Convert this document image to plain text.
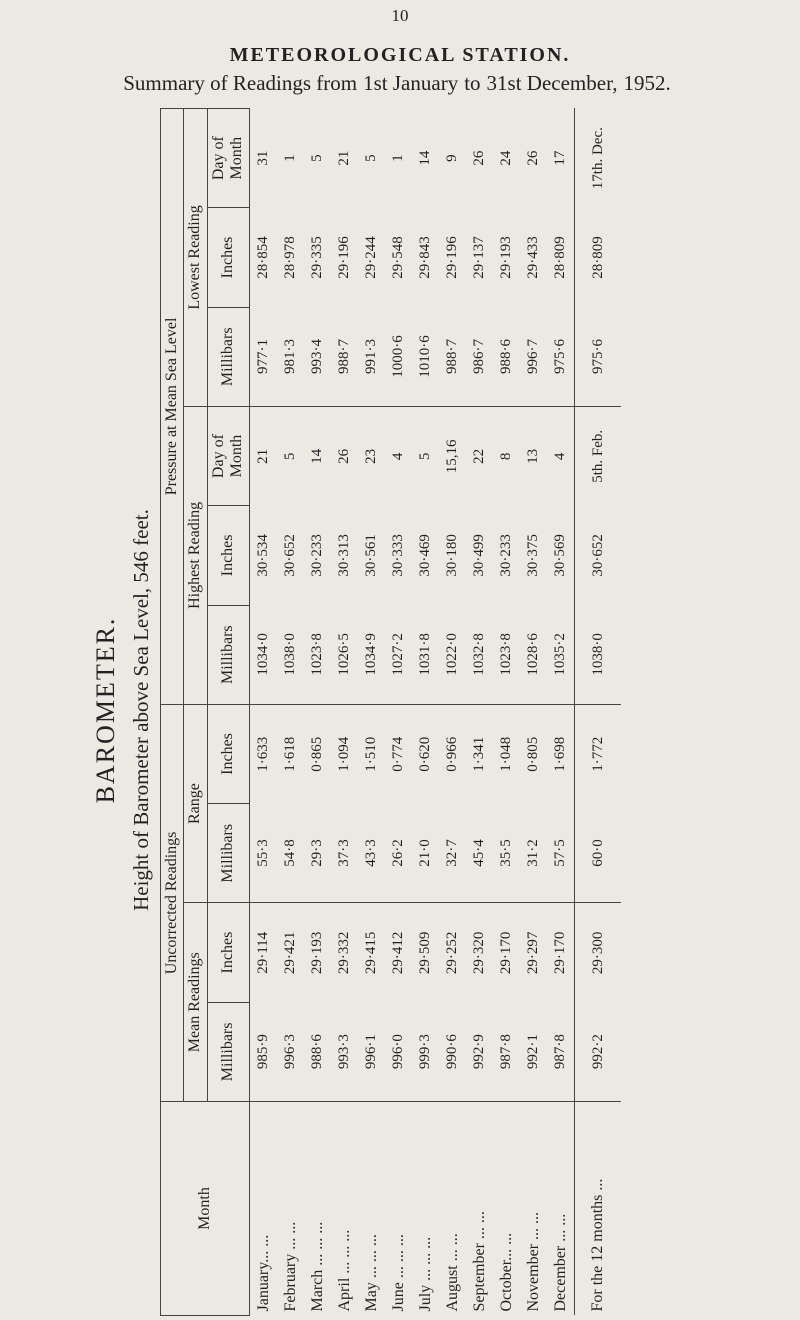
10
METEOROLOGICAL STATION.
Summary of Readings from 1st January to 31st December, 1952.
BAROMETER. Height of Barometer above Sea Level, 546 feet.
Month	Uncorrected Readings				Pressure at Mean Sea Level					
	Mean Readings		Range		Highest Reading			Lowest Reading		
	Millibars	Inches	Millibars	Inches	Millibars	Inches	Day of Month	Millibars	Inches	Day of Month
January... ...	985·9	29·114	55·3	1·633	1034·0	30·534	21	977·1	28·854	31
February ... ...	996·3	29·421	54·8	1·618	1038·0	30·652	5	981·3	28·978	1
March ... ... ...	988·6	29·193	29·3	0·865	1023·8	30·233	14	993·4	29·335	5
April ... ... ...	993·3	29·332	37·3	1·094	1026·5	30·313	26	988·7	29·196	21
May ... ... ...	996·1	29·415	43·3	1·510	1034·9	30·561	23	991·3	29·244	5
June ... ... ...	996·0	29·412	26·2	0·774	1027·2	30·333	4	1000·6	29·548	1
July ... ... ...	999·3	29·509	21·0	0·620	1031·8	30·469	5	1010·6	29·843	14
August ... ...	990·6	29·252	32·7	0·966	1022·0	30·180	15,16	988·7	29·196	9
September ... ...	992·9	29·320	45·4	1·341	1032·8	30·499	22	986·7	29·137	26
October... ...	987·8	29·170	35·5	1·048	1023·8	30·233	8	988·6	29·193	24
November ... ...	992·1	29·297	31·2	0·805	1028·6	30·375	13	996·7	29·433	26
December ... ...	987·8	29·170	57·5	1·698	1035·2	30·569	4	975·6	28·809	17
For the 12 months ...	992·2	29·300	60·0	1·772	1038·0	30·652	5th. Feb.	975·6	28·809	17th. Dec.
